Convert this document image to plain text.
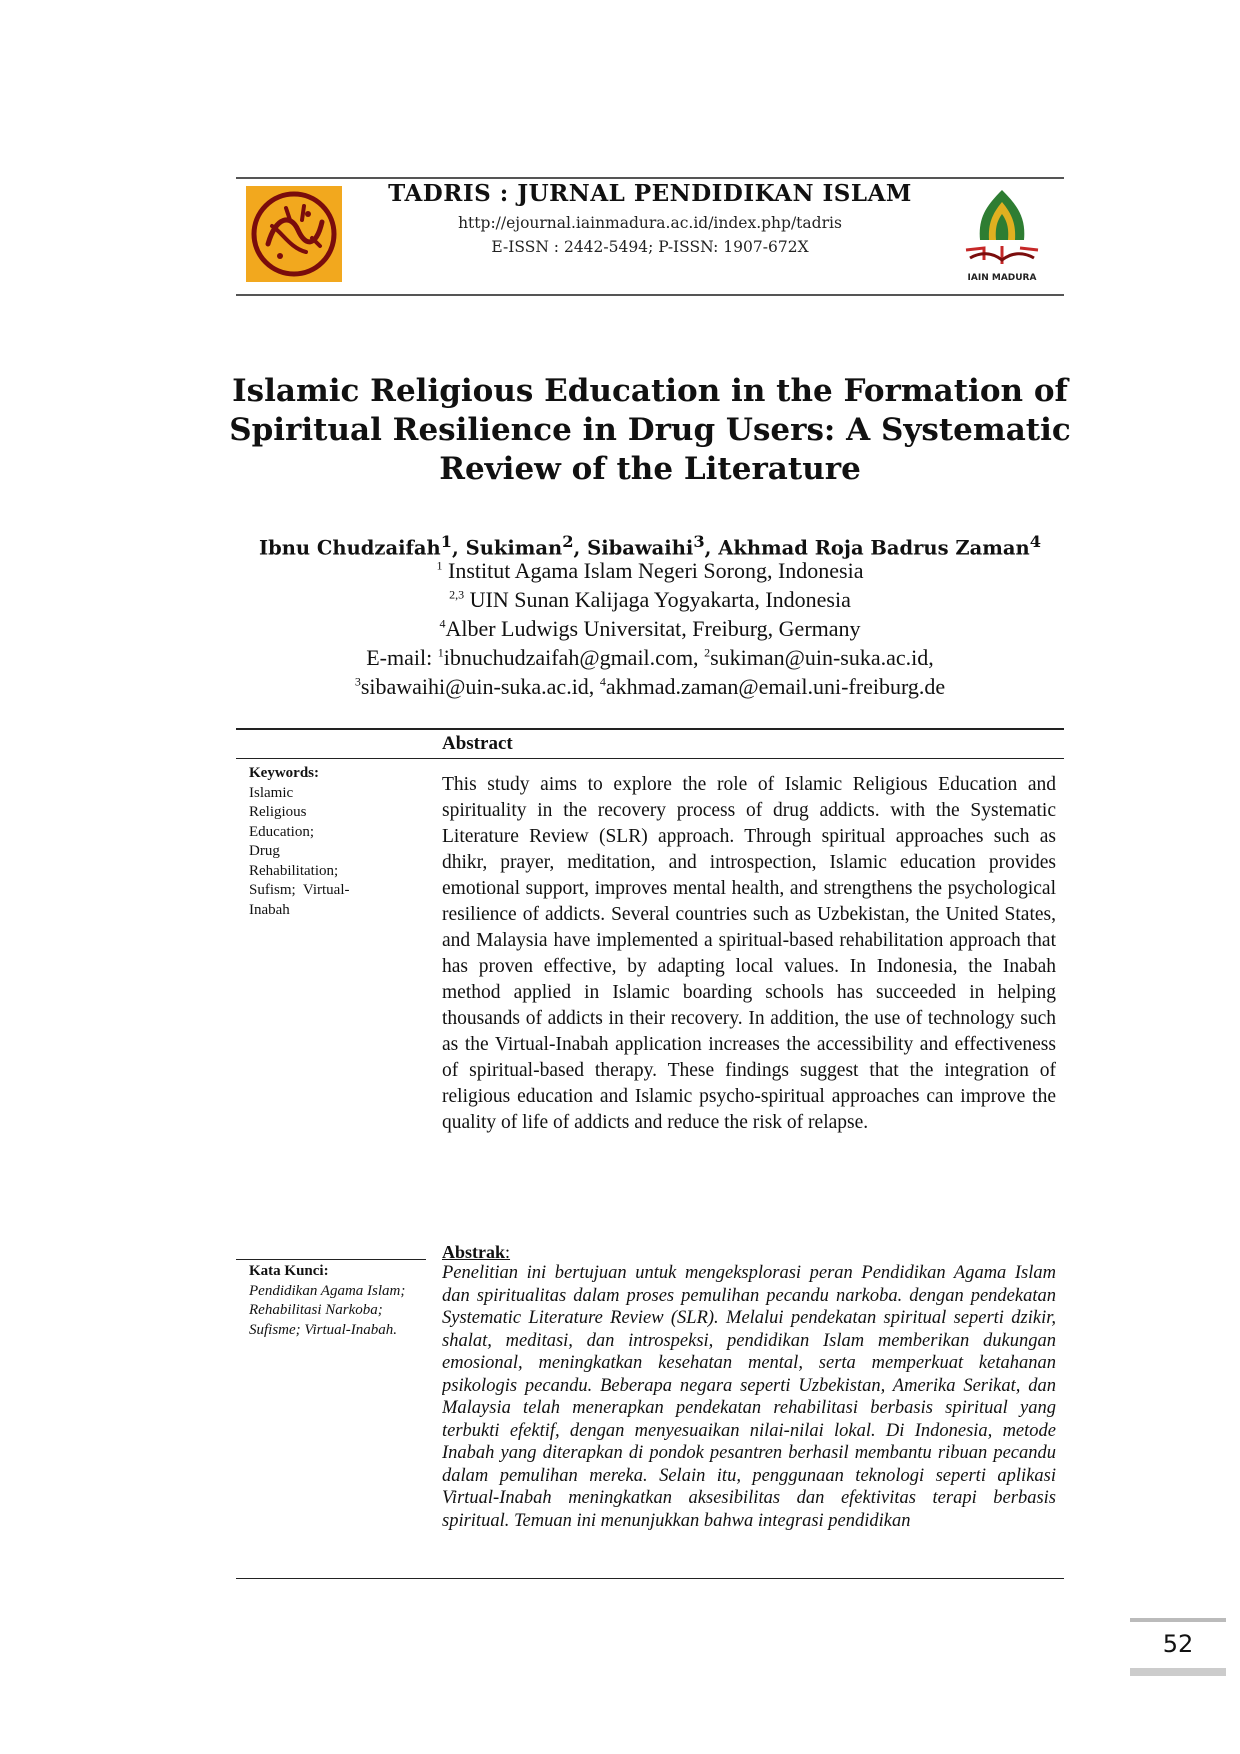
TADRIS : JURNAL PENDIDIKAN ISLAM
http://ejournal.iainmadura.ac.id/index.php/tadris
E-ISSN : 2442-5494; P-ISSN: 1907-672X
IAIN MADURA
Islamic Religious Education in the Formation of
Spiritual Resilience in Drug Users: A Systematic
Review of the Literature
Ibnu Chudzaifah$^1$, Sukiman$^2$, Sibawaihi$^3$, Akhmad Roja Badrus Zaman$^4$
$^1$ Institut Agama Islam Negeri Sorong, Indonesia
$^{2,3}$ UIN Sunan Kalijaga Yogyakarta, Indonesia
$^4$Alber Ludwigs Universitat, Freiburg, Germany
E-mail: $^1$ibnuchudzaifah@gmail.com, $^2$sukiman@uin-suka.ac.id,
$^3$sibawaihi@uin-suka.ac.id, $^4$akhmad.zaman@email.uni-freiburg.de
Abstract
Keywords:
Islamic
Religious
Education;
Drug
Rehabilitation;
Sufism;  Virtual-
Inabah
This study aims to explore the role of Islamic Religious Education and spirituality in the recovery process of drug addicts. with the Systematic Literature Review (SLR) approach. Through spiritual approaches such as dhikr, prayer, meditation, and introspection, Islamic education provides emotional support, improves mental health, and strengthens the psychological resilience of addicts. Several countries such as Uzbekistan, the United States, and Malaysia have implemented a spiritual-based rehabilitation approach that has proven effective, by adapting local values. In Indonesia, the Inabah method applied in Islamic boarding schools has succeeded in helping thousands of addicts in their recovery. In addition, the use of technology such as the Virtual-Inabah application increases the accessibility and effectiveness of spiritual-based therapy. These findings suggest that the integration of religious education and Islamic psycho-spiritual approaches can improve the quality of life of addicts and reduce the risk of relapse.
Abstrak:
Kata Kunci:
Pendidikan Agama Islam;
Rehabilitasi Narkoba;
Sufisme; Virtual-Inabah.
Penelitian ini bertujuan untuk mengeksplorasi peran Pendidikan Agama Islam dan spiritualitas dalam proses pemulihan pecandu narkoba. dengan pendekatan Systematic Literature Review (SLR). Melalui pendekatan spiritual seperti dzikir, shalat, meditasi, dan introspeksi, pendidikan Islam memberikan dukungan emosional, meningkatkan kesehatan mental, serta memperkuat ketahanan psikologis pecandu. Beberapa negara seperti Uzbekistan, Amerika Serikat, dan Malaysia telah menerapkan pendekatan rehabilitasi berbasis spiritual yang terbukti efektif, dengan menyesuaikan nilai-nilai lokal. Di Indonesia, metode Inabah yang diterapkan di pondok pesantren berhasil membantu ribuan pecandu dalam pemulihan mereka. Selain itu, penggunaan teknologi seperti aplikasi Virtual-Inabah meningkatkan aksesibilitas dan efektivitas terapi berbasis spiritual. Temuan ini menunjukkan bahwa integrasi pendidikan
52
